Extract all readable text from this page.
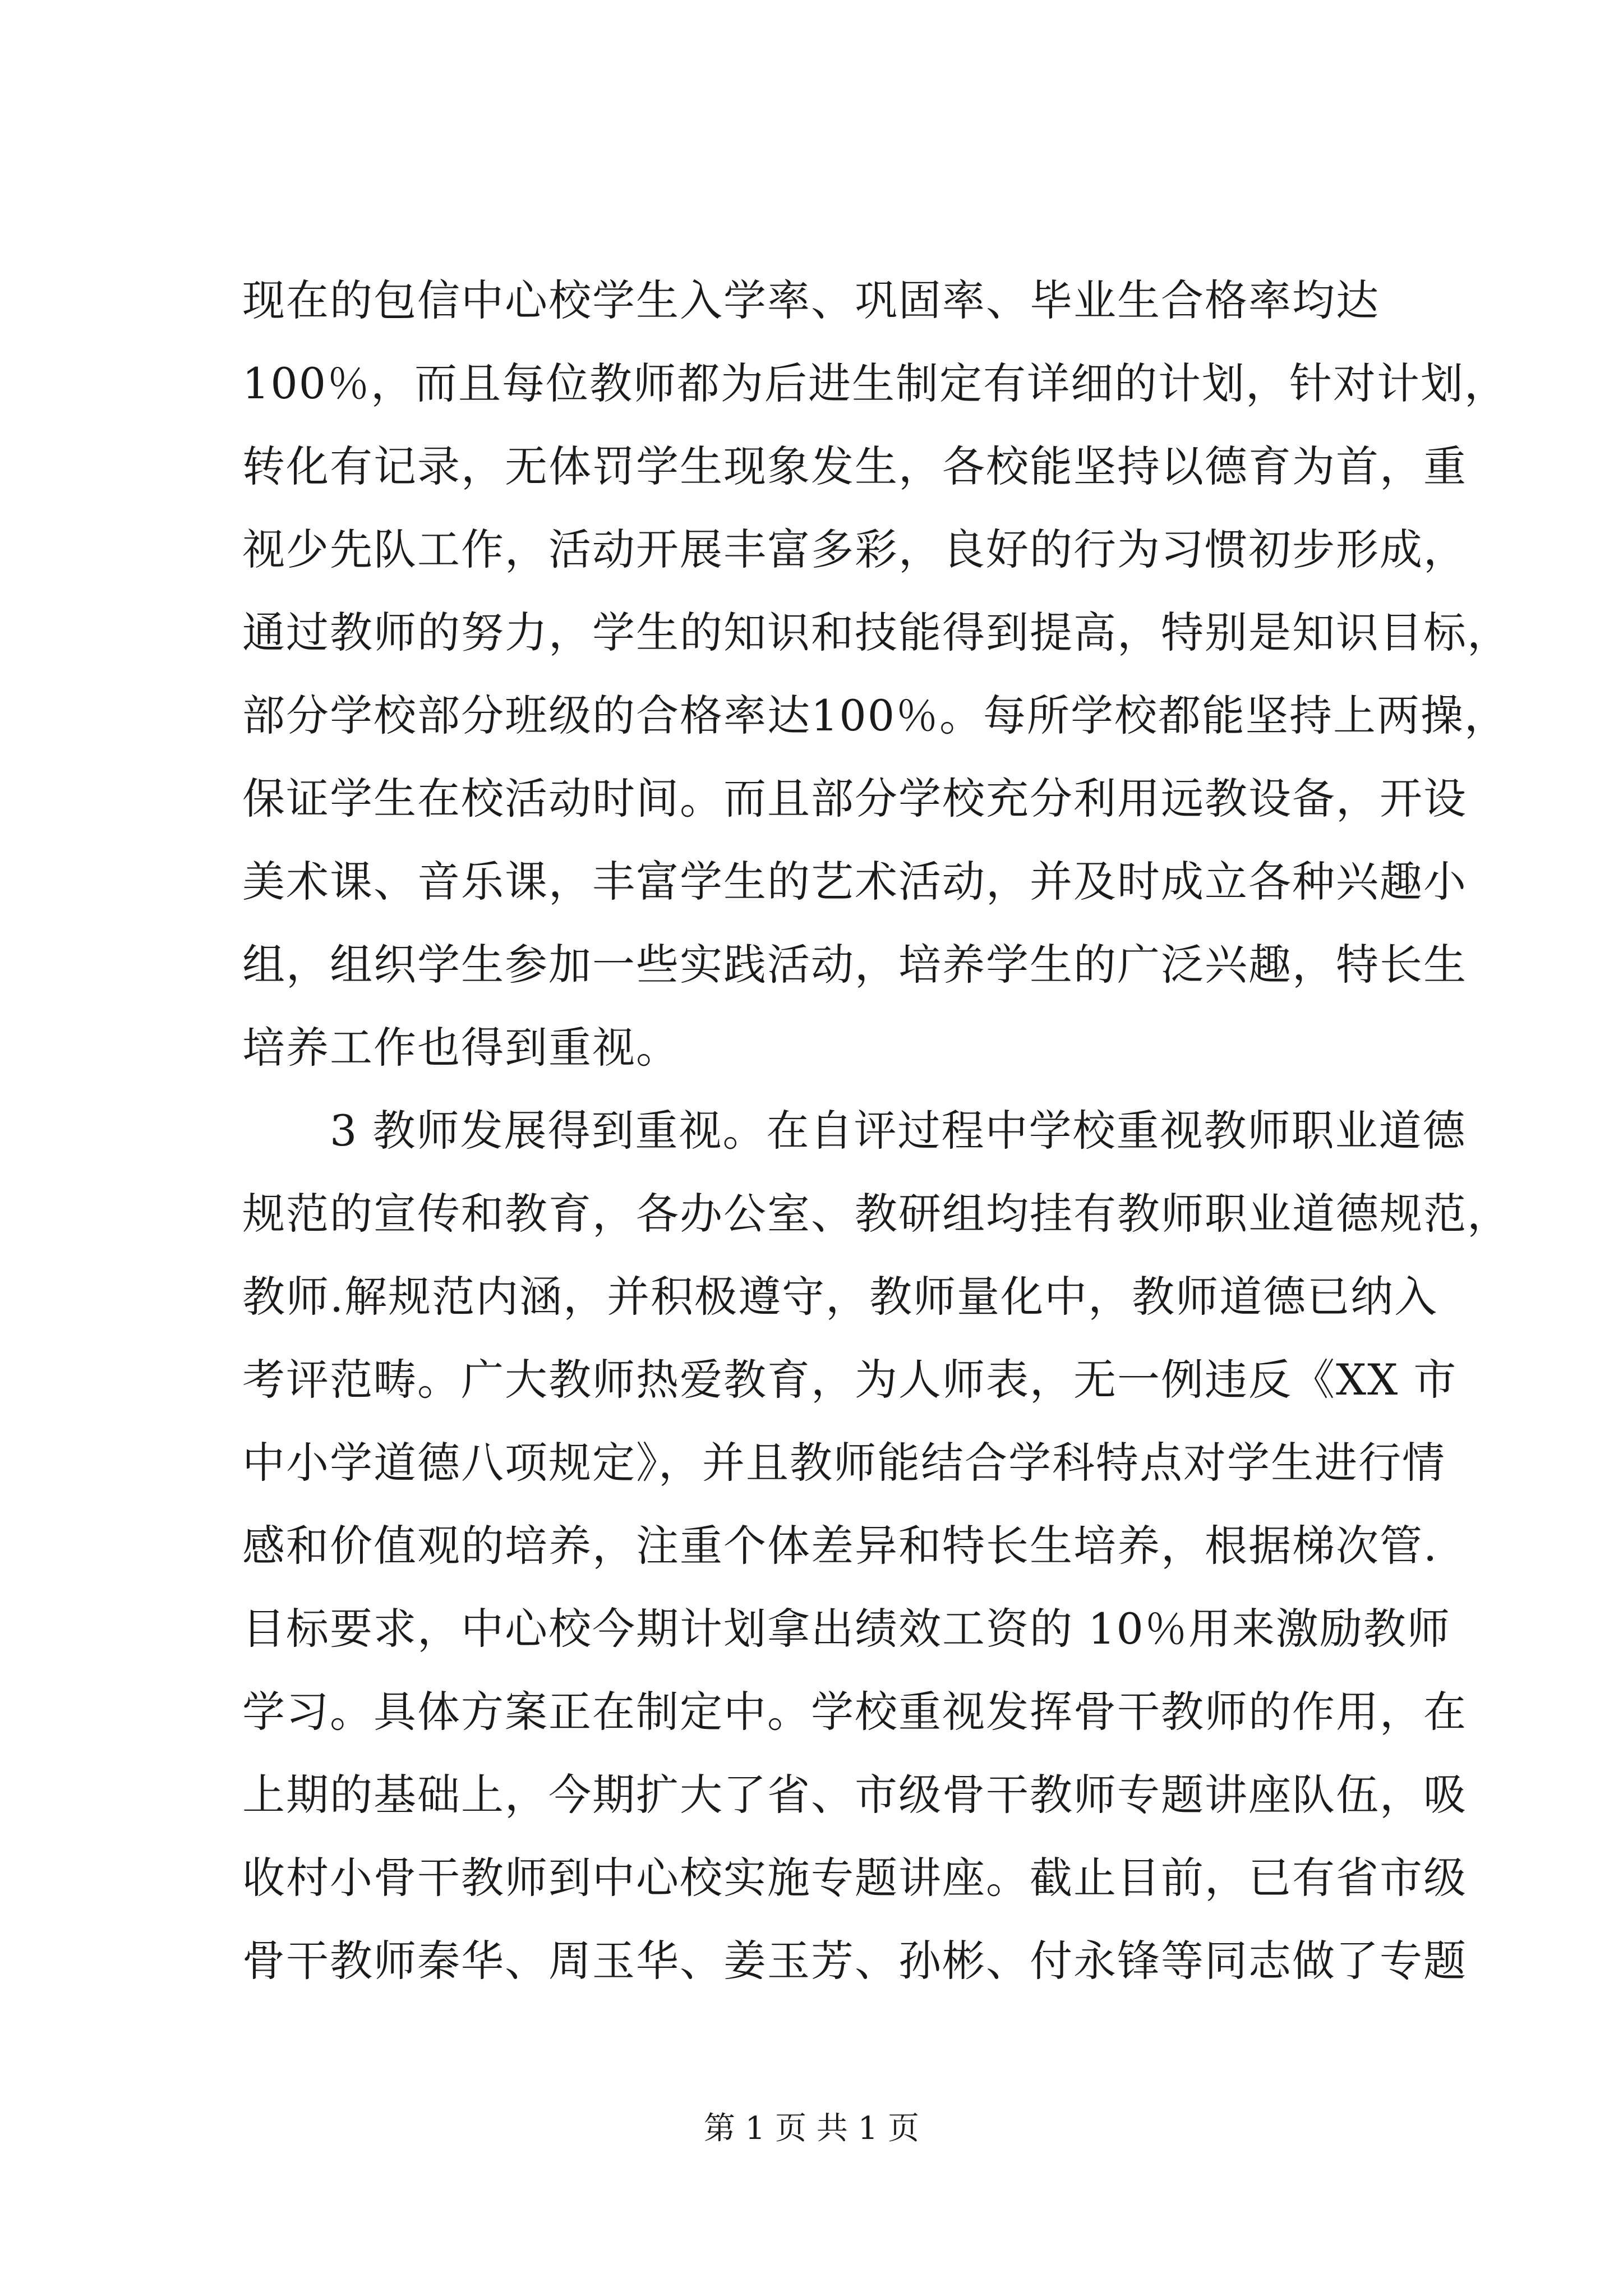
现在的包信中心校学生入学率、巩固率、毕业生合格率均达
100％，而且每位教师都为后进生制定有详细的计划，针对计划，
转化有记录，无体罚学生现象发生，各校能坚持以德育为首，重
视少先队工作，活动开展丰富多彩，良好的行为习惯初步形成，
通过教师的努力，学生的知识和技能得到提高，特别是知识目标，
部分学校部分班级的合格率达100％。每所学校都能坚持上两操，
保证学生在校活动时间。而且部分学校充分利用远教设备，开设
美术课、音乐课，丰富学生的艺术活动，并及时成立各种兴趣小
组，组织学生参加一些实践活动，培养学生的广泛兴趣，特长生
培养工作也得到重视。
　　3 教师发展得到重视。在自评过程中学校重视教师职业道德
规范的宣传和教育，各办公室、教研组均挂有教师职业道德规范，
教师.解规范内涵，并积极遵守，教师量化中，教师道德已纳入
考评范畴。广大教师热爱教育，为人师表，无一例违反《XX 市
中小学道德八项规定》，并且教师能结合学科特点对学生进行情
感和价值观的培养，注重个体差异和特长生培养，根据梯次管.
目标要求，中心校今期计划拿出绩效工资的 10％用来激励教师
学习。具体方案正在制定中。学校重视发挥骨干教师的作用，在
上期的基础上，今期扩大了省、市级骨干教师专题讲座队伍，吸
收村小骨干教师到中心校实施专题讲座。截止目前，已有省市级
骨干教师秦华、周玉华、姜玉芳、孙彬、付永锋等同志做了专题
第 1 页 共 1 页
